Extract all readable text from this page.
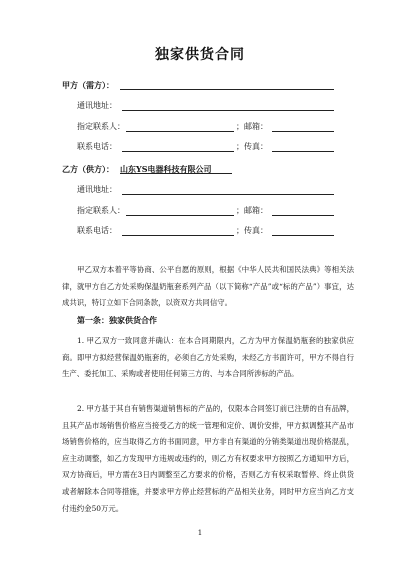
独家供货合同
甲方（需方）：
通讯地址：
指定联系人：	；邮箱：
联系电话：	；传真：
乙方（供方）： 山东YS电器科技有限公司
通讯地址：
指定联系人：	；邮箱：
联系电话：	；传真：
甲乙双方本着平等协商、公平自愿的原则，根据《中华人民共和国民法典》等相关法律，就甲方自乙方处采购保温奶瓶套系列产品（以下简称“产品”或“标的产品”）事宜，达成共识，特订立如下合同条款，以资双方共同信守。
第一条：独家供货合作
1. 甲乙双方一致同意并确认：在本合同期限内，乙方为甲方保温奶瓶套的独家供应商。即甲方拟经营保温奶瓶套的，必须自乙方处采购，未经乙方书面许可，甲方不得自行生产、委托加工、采购或者使用任何第三方的、与本合同所涉标的产品。
2. 甲方基于其自有销售渠道销售标的产品的，仅限本合同签订前已注册的自有品牌，且其产品市场销售价格应当接受乙方的统一管理和定价、调价安排，甲方拟调整其产品市场销售价格的，应当取得乙方的书面同意，甲方非自有渠道的分销类渠道出现价格混乱，应主动调整，如乙方发现甲方违规或违约的，则乙方有权要求甲方按照乙方通知甲方后，双方协商后，甲方需在3日内调整至乙方要求的价格，否则乙方有权采取暂停、终止供货或者解除本合同等措施，并要求甲方停止经营标的产品相关业务，同时甲方应当向乙方支付违约金50万元。
1
